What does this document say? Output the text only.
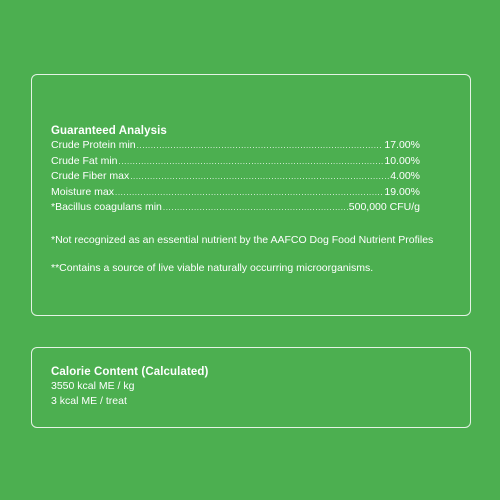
Guaranteed Analysis
Crude Protein min .....	17.00%
Crude Fat min .....	10.00%
Crude Fiber max .....	4.00%
Moisture max .....	19.00%
*Bacillus coagulans min .....	500,000 CFU/g
*Not recognized as an essential nutrient by the AAFCO Dog Food Nutrient Profiles
**Contains a source of live viable naturally occurring microorganisms.
Calorie Content (Calculated)
3550 kcal ME / kg
3 kcal ME / treat
